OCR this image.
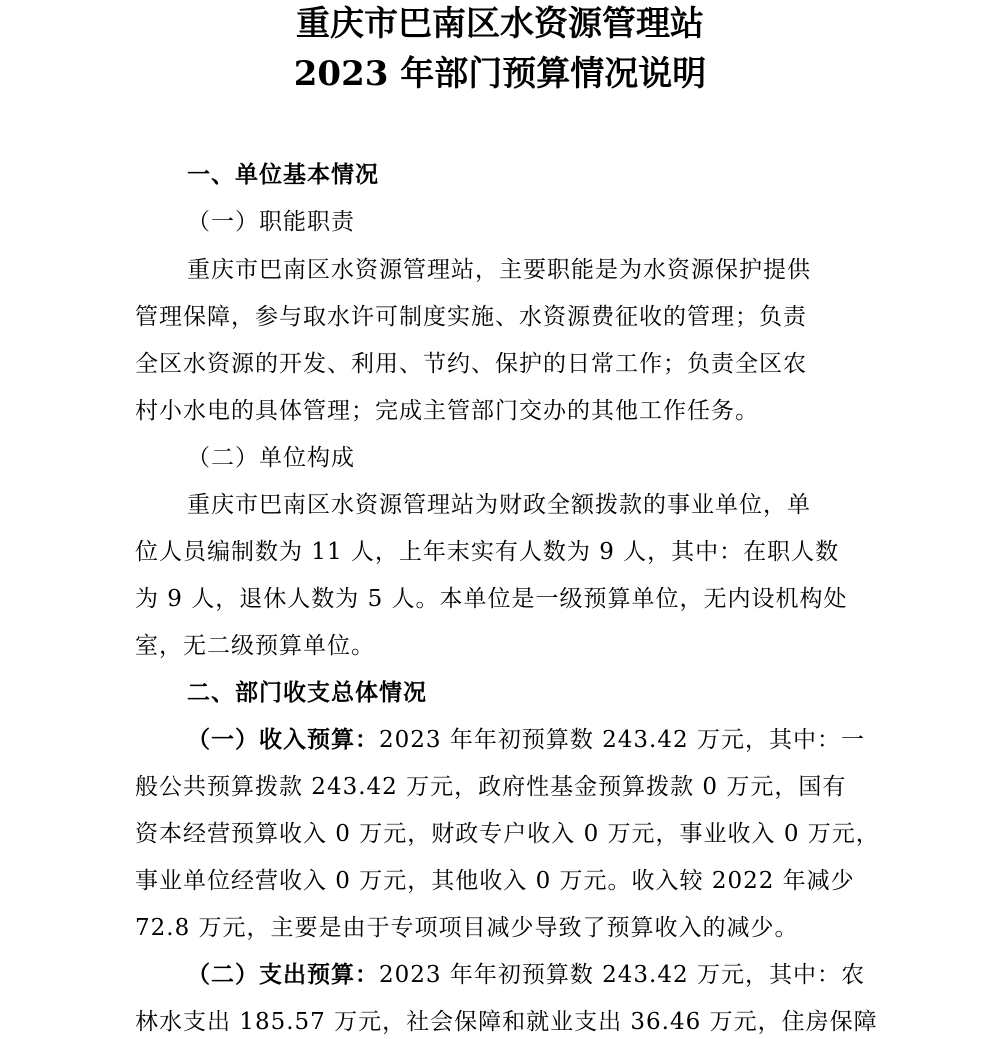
重庆市巴南区水资源管理站
2023 年部门预算情况说明

一、单位基本情况

（一）职能职责

重庆市巴南区水资源管理站，主要职能是为水资源保护提供

管理保障，参与取水许可制度实施、水资源费征收的管理；负责

全区水资源的开发、利用、节约、保护的日常工作；负责全区农

村小水电的具体管理；完成主管部门交办的其他工作任务。

（二）单位构成

重庆市巴南区水资源管理站为财政全额拨款的事业单位，单

位人员编制数为 11 人，上年末实有人数为 9 人，其中：在职人数

为 9 人，退休人数为 5 人。本单位是一级预算单位，无内设机构处

室，无二级预算单位。

二、部门收支总体情况

（一）收入预算：2023 年年初预算数 243.42 万元，其中：一

般公共预算拨款 243.42 万元，政府性基金预算拨款 0 万元，国有

资本经营预算收入 0 万元，财政专户收入 0 万元，事业收入 0 万元，

事业单位经营收入 0 万元，其他收入 0 万元。收入较 2022 年减少

72.8 万元，主要是由于专项项目减少导致了预算收入的减少。

（二）支出预算：2023 年年初预算数 243.42 万元，其中：农

林水支出 185.57 万元，社会保障和就业支出 36.46 万元，住房保障
